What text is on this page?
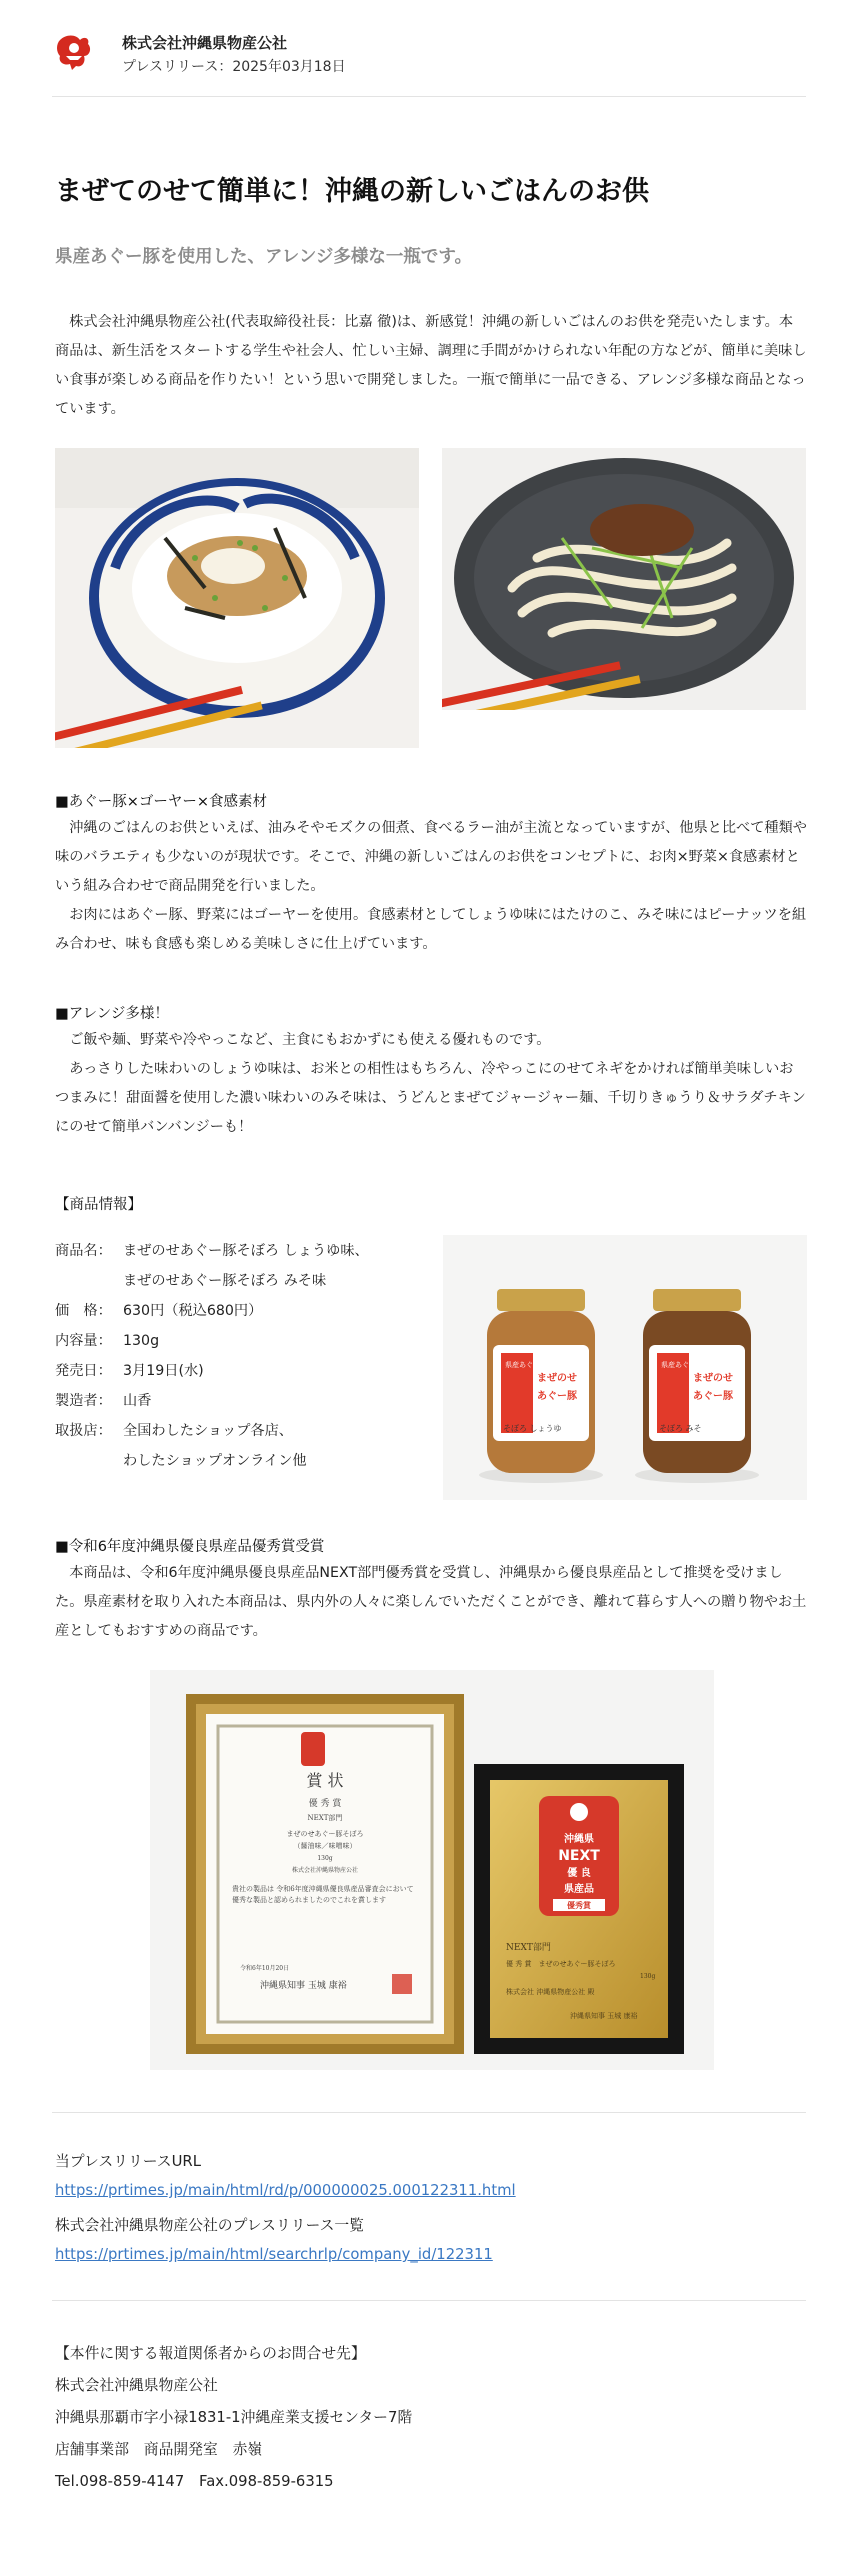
株式会社沖縄県物産公社
プレスリリース：2025年03月18日
まぜてのせて簡単に！沖縄の新しいごはんのお供
県産あぐー豚を使用した、アレンジ多様な一瓶です。

株式会社沖縄県物産公社(代表取締役社長：比嘉 徹)は、新感覚！沖縄の新しいごはんのお供を発売いたします。本商品は、新生活をスタートする学生や社会人、忙しい主婦、調理に手間がかけられない年配の方などが、簡単に美味しい食事が楽しめる商品を作りたい！という思いで開発しました。一瓶で簡単に一品できる、アレンジ多様な商品となっています。

■あぐー豚×ゴーヤー×食感素材

沖縄のごはんのお供といえば、油みそやモズクの佃煮、食べるラー油が主流となっていますが、他県と比べて種類や味のバラエティも少ないのが現状です。そこで、沖縄の新しいごはんのお供をコンセプトに、お肉×野菜×食感素材という組み合わせで商品開発を行いました。

お肉にはあぐー豚、野菜にはゴーヤーを使用。食感素材としてしょうゆ味にはたけのこ、みそ味にはピーナッツを組み合わせ、味も食感も楽しめる美味しさに仕上げています。

■アレンジ多様！

ご飯や麺、野菜や冷やっこなど、主食にもおかずにも使える優れものです。

あっさりした味わいのしょうゆ味は、お米との相性はもちろん、冷やっこにのせてネギをかければ簡単美味しいおつまみに！甜面醤を使用した濃い味わいのみそ味は、うどんとまぜてジャージャー麺、千切りきゅうり＆サラダチキンにのせて簡単バンバンジーも！

【商品情報】
商品名： まぜのせあぐー豚そぼろ しょうゆ味、
まぜのせあぐー豚そぼろ みそ味
価　格： 630円（税込680円）
内容量： 130g
発売日： 3月19日(水)
製造者： 山香
取扱店： 全国わしたショップ各店、
わしたショップオンライン他
県産あぐー
まぜのせ
あぐー豚
そぼろ しょうゆ
県産あぐー
まぜのせ
あぐー豚
そぼろ みそ
■令和6年度沖縄県優良県産品優秀賞受賞

本商品は、令和6年度沖縄県優良県産品NEXT部門優秀賞を受賞し、沖縄県から優良県産品として推奨を受けました。県産素材を取り入れた本商品は、県内外の人々に楽しんでいただくことができ、離れて暮らす人への贈り物やお土産としてもおすすめの商品です。

賞 状
優 秀 賞
NEXT部門
まぜのせあぐー豚そぼろ
（醤油味／味噌味）
130g
株式会社沖縄県物産公社
貴社の製品は 令和6年度沖縄県優良県産品審査会において優秀な製品と認められましたのでこれを賞します
令和6年10月20日
沖縄県知事 玉城 康裕
沖縄県
NEXT
優 良
県産品
優秀賞
NEXT部門
優 秀 賞　まぜのせあぐー豚そぼろ
130g
株式会社 沖縄県物産公社 殿
沖縄県知事 玉城 康裕
当プレスリリースURL
https://prtimes.jp/main/html/rd/p/000000025.000122311.html
株式会社沖縄県物産公社のプレスリリース一覧
https://prtimes.jp/main/html/searchrlp/company_id/122311
【本件に関する報道関係者からのお問合せ先】
株式会社沖縄県物産公社
沖縄県那覇市字小禄1831-1沖縄産業支援センター7階
店舗事業部　商品開発室　赤嶺
Tel.098-859-4147　Fax.098-859-6315
